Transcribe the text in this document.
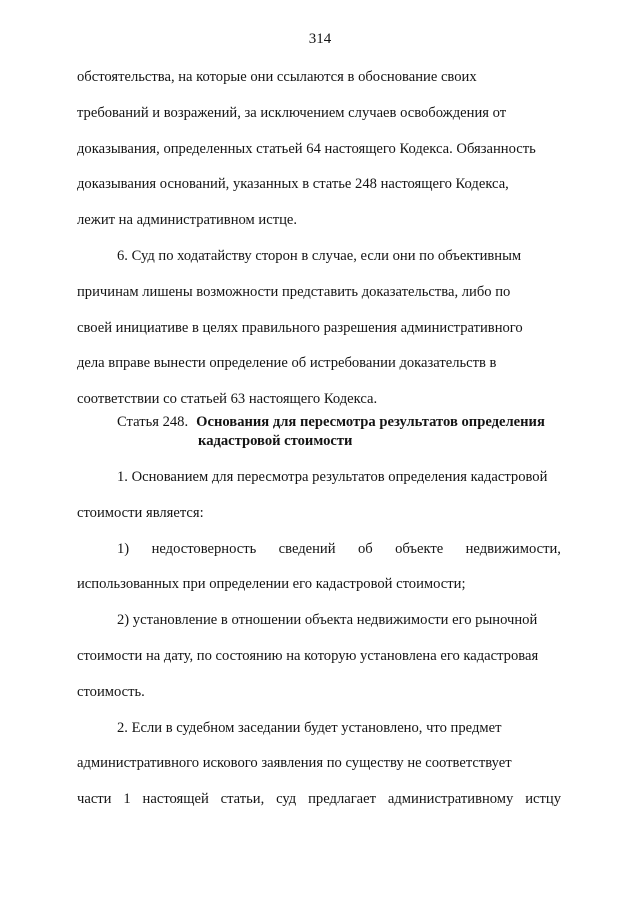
314
обстоятельства, на которые они ссылаются в обоснование своих
требований и возражений, за исключением случаев освобождения от
доказывания, определенных статьей 64 настоящего Кодекса. Обязанность
доказывания оснований, указанных в статье 248 настоящего Кодекса,
лежит на административном истце.
6. Суд по ходатайству сторон в случае, если они по объективным
причинам лишены возможности представить доказательства, либо по
своей инициативе в целях правильного разрешения административного
дела вправе вынести определение об истребовании доказательств в
соответствии со статьей 63 настоящего Кодекса.
Статья 248. Основания для пересмотра результатов определения
кадастровой стоимости
1. Основанием для пересмотра результатов определения кадастровой
стоимости является:
1) недостоверность сведений об объекте недвижимости,
использованных при определении его кадастровой стоимости;
2) установление в отношении объекта недвижимости его рыночной
стоимости на дату, по состоянию на которую установлена его кадастровая
стоимость.
2. Если в судебном заседании будет установлено, что предмет
административного искового заявления по существу не соответствует
части 1 настоящей статьи, суд предлагает административному истцу
